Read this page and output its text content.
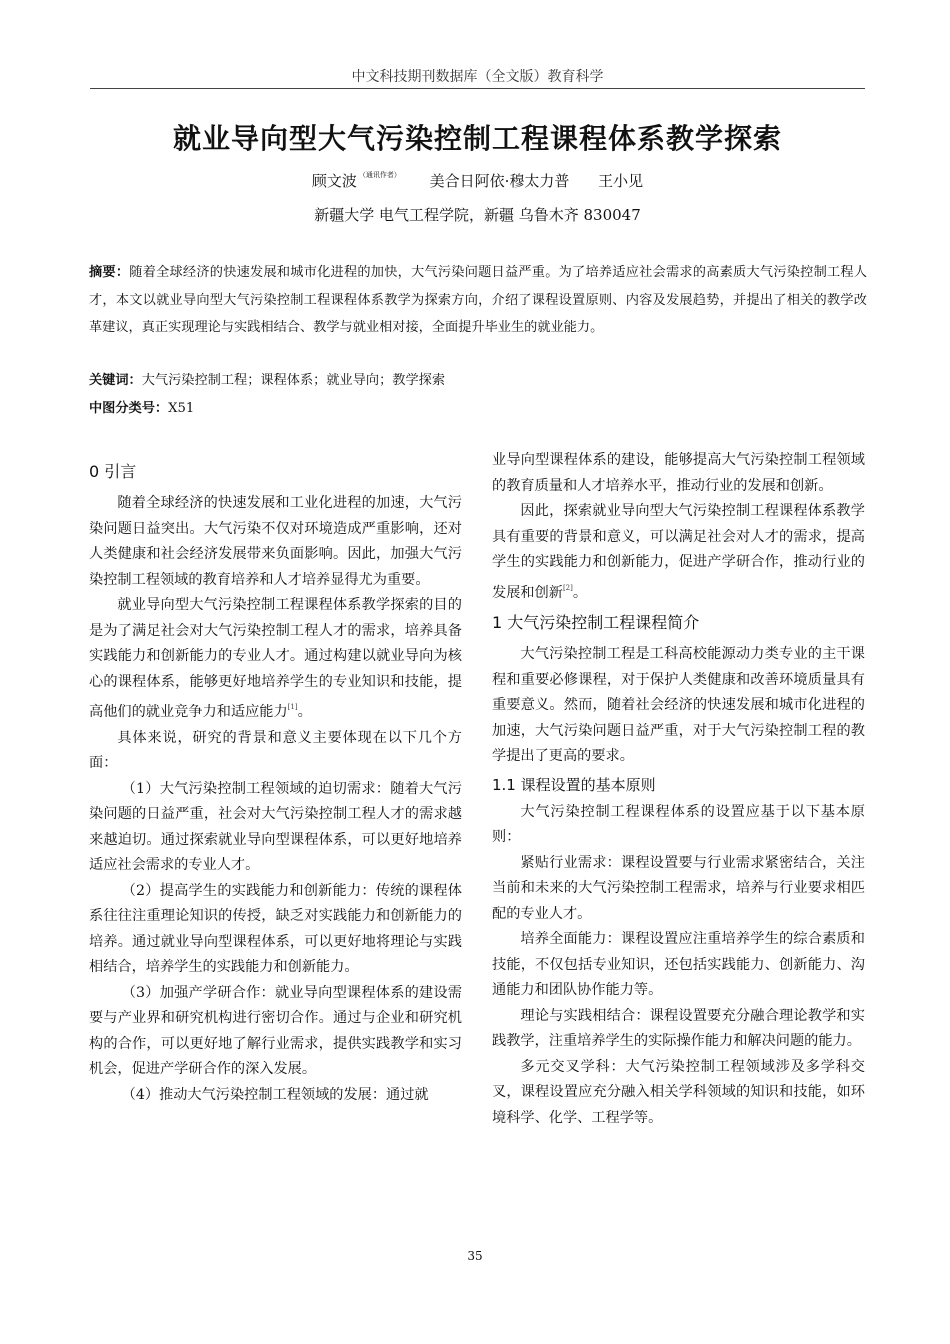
中文科技期刊数据库（全文版）教育科学
就业导向型大气污染控制工程课程体系教学探索
顾文波 $^{(通讯作者)}$ 美合日阿依·穆太力普 王小见
新疆大学 电气工程学院，新疆 乌鲁木齐 830047
摘要：随着全球经济的快速发展和城市化进程的加快，大气污染问题日益严重。为了培养适应社会需求的高素质大气污染控制工程人才，本文以就业导向型大气污染控制工程课程体系教学为探索方向，介绍了课程设置原则、内容及发展趋势，并提出了相关的教学改革建议，真正实现理论与实践相结合、教学与就业相对接，全面提升毕业生的就业能力。
关键词：大气污染控制工程；课程体系；就业导向；教学探索
中图分类号：X51
0 引言

随着全球经济的快速发展和工业化进程的加速，大气污染问题日益突出。大气污染不仅对环境造成严重影响，还对人类健康和社会经济发展带来负面影响。因此，加强大气污染控制工程领域的教育培养和人才培养显得尤为重要。

就业导向型大气污染控制工程课程体系教学探索的目的是为了满足社会对大气污染控制工程人才的需求，培养具备实践能力和创新能力的专业人才。通过构建以就业导向为核心的课程体系，能够更好地培养学生的专业知识和技能，提高他们的就业竞争力和适应能力[1]。

具体来说，研究的背景和意义主要体现在以下几个方面：

（1）大气污染控制工程领域的迫切需求：随着大气污染问题的日益严重，社会对大气污染控制工程人才的需求越来越迫切。通过探索就业导向型课程体系，可以更好地培养适应社会需求的专业人才。

（2）提高学生的实践能力和创新能力：传统的课程体系往往注重理论知识的传授，缺乏对实践能力和创新能力的培养。通过就业导向型课程体系，可以更好地将理论与实践相结合，培养学生的实践能力和创新能力。

（3）加强产学研合作：就业导向型课程体系的建设需要与产业界和研究机构进行密切合作。通过与企业和研究机构的合作，可以更好地了解行业需求，提供实践教学和实习机会，促进产学研合作的深入发展。

（4）推动大气污染控制工程领域的发展：通过就

业导向型课程体系的建设，能够提高大气污染控制工程领域的教育质量和人才培养水平，推动行业的发展和创新。

因此，探索就业导向型大气污染控制工程课程体系教学具有重要的背景和意义，可以满足社会对人才的需求，提高学生的实践能力和创新能力，促进产学研合作，推动行业的发展和创新[2]。

1 大气污染控制工程课程简介

大气污染控制工程是工科高校能源动力类专业的主干课程和重要必修课程，对于保护人类健康和改善环境质量具有重要意义。然而，随着社会经济的快速发展和城市化进程的加速，大气污染问题日益严重，对于大气污染控制工程的教学提出了更高的要求。

1.1 课程设置的基本原则

大气污染控制工程课程体系的设置应基于以下基本原则：

紧贴行业需求：课程设置要与行业需求紧密结合，关注当前和未来的大气污染控制工程需求，培养与行业要求相匹配的专业人才。

培养全面能力：课程设置应注重培养学生的综合素质和技能，不仅包括专业知识，还包括实践能力、创新能力、沟通能力和团队协作能力等。

理论与实践相结合：课程设置要充分融合理论教学和实践教学，注重培养学生的实际操作能力和解决问题的能力。

多元交叉学科：大气污染控制工程领域涉及多学科交叉，课程设置应充分融入相关学科领域的知识和技能，如环境科学、化学、工程学等。

35
